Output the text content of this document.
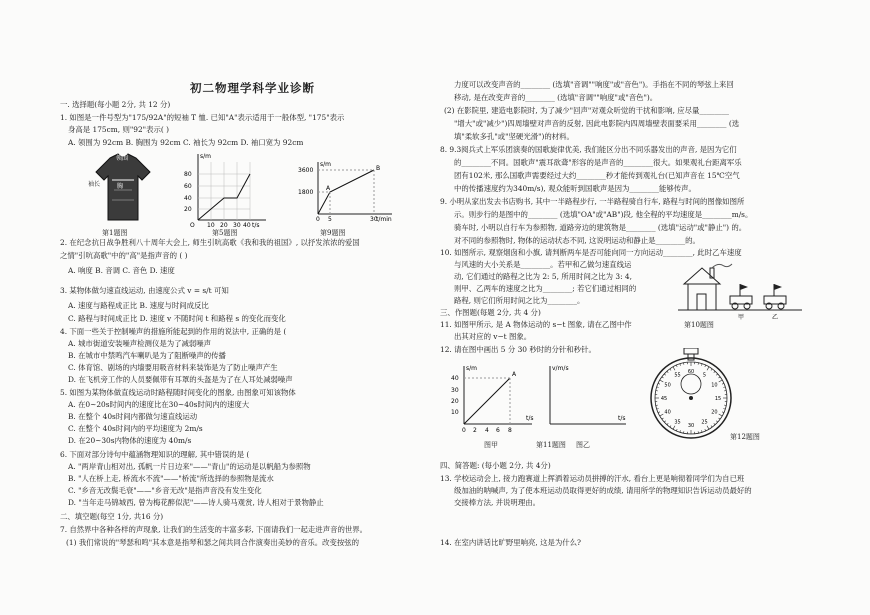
初二物理学科学业诊断
一. 选择题(每小题 2分, 共 12 分)
1. 如图是一件号型为"175/92A"的短袖 T 恤. 已知"A"表示适用于一般体型, "175"表示
身高是 175cm, 则"92"表示( )
A. 领围为 92cm B. 胸围为 92cm C. 袖长为 92cm D. 袖口宽为 92cm
2. 在纪念抗日战争胜利八十周年大会上, 师生引吭高歌《我和我的祖国》, 以抒发浓浓的爱国
之情"引吭高歌"中的"高"是指声音的 ( )
A. 响度 B. 音调 C. 音色 D. 速度
3. 某物体做匀速直线运动, 由速度公式 v = s/t 可知
A. 速度与路程成正比 B. 速度与时间成反比
C. 路程与时间成正比 D. 速度 v 不随时间 t 和路程 s 的变化而变化
4. 下面一些关于控制噪声的措施所能起到的作用的说法中, 正确的是 (
A. 城市街道安装噪声检测仪是为了减弱噪声
B. 在城市中禁鸣汽车喇叭是为了阻断噪声的传播
C. 体育馆、剧场的内墙要用吸音材料来装饰是为了防止噪声产生
D. 在飞机旁工作的人员要佩带有耳罩的头盔是为了在人耳处减弱噪声
5. 如图为某物体做直线运动时路程随时间变化的图象, 由图象可知该物体
A. 在0~20s时间内的速度比在30~40s时间内的速度大
B. 在整个 40s时间内都做匀速直线运动
C. 在整个 40s时间内的平均速度为 2m/s
D. 在20~30s内物体的速度为 40m/s
6. 下面对部分诗句中蕴涵物理知识的理解, 其中错误的是 (
A. "两岸青山相对出, 孤帆一片日边来"——"青山"的运动是以帆船为参照物
B. "人在桥上走, 桥流水不流"——"桥流"所选择的参照物是流水
C. "乡音无改鬓毛衰"——"乡音无改"是指声音没有发生变化
D. "当年走马锦城西, 曾为梅花醉似泥"——诗人骑马观赏, 诗人相对于景物静止
二、填空题(每空 1分, 共16 分)
7. 自然界中各种各样的声现象, 让我们的生活变的丰富多彩, 下面请我们一起走进声音的世界。
(1) 我们常说的"琴瑟和鸣"其本意是指琴和瑟之间共同合作演奏出美妙的音乐。改变按弦的
力度可以改变声音的________ (选填"音调""响度"或"音色")。手指在不同的琴弦上来回
移动, 是在改变声音的________ (选填"音调""响度"或"音色")。
(2) 在影院里, 建造电影院时, 为了减少"回声"对观众听觉的干扰和影响, 应尽量________
"增大"或"减少")四周墙壁对声音的反射, 因此电影院内四周墙壁表面要采用________ (选
填"柔软多孔"或"坚硬光滑")的材料。
8. 9.3阅兵式上军乐团演奏的国歌旋律优美, 我们能区分出不同乐器发出的声音, 是因为它们
的________不同。国歌声"震耳欲聋"形容的是声音的________很大。如果观礼台距离军乐
团有102米, 那么国歌声需要经过大约________秒才能传到观礼台(已知声音在 15℃空气
中的传播速度约为340m/s), 观众能听到国歌声是因为________能够传声。
9. 小明从家出发去书店购书, 其中一半路程步行, 一半路程骑自行车, 路程与时间的图像如图所
示。则步行的是图中的________ (选填"OA"或"AB")段, 他全程的平均速度是________m/s。
骑车时, 小明以自行车为参照物, 道路旁边的建筑物是________ (选填"运动"或"静止") 的。
对不同的参照物时, 物体的运动状态不同, 这说明运动和静止是________的。
10. 如图所示, 观察烟囱和小旗, 请判断两车是否可能向同一方向运动________, 此时乙车速度
与风速的大小关系是________。若甲和乙做匀速直线运
动, 它们通过的路程之比为 2: 5, 所用时间之比为 3: 4,
则甲、乙两车的速度之比为________; 若它们通过相同的
路程, 则它们所用时间之比为________。
三、作图题(每题 2分, 共 4 分)
11. 如图甲所示, 是 A 物体运动的 s−t 图象, 请在乙图中作
出其对应的 v−t 图象。
12. 请在图中画出 5 分 30 秒时的分针和秒针。
四、简答题: (每小题 2分, 共 4分)
13. 学校运动会上, 接力跑赛道上挥洒着运动员拼搏的汗水, 看台上更是响彻着同学们为自已班
级加油的呐喊声, 为了使本班运动员取得更好的成绩, 请用所学的物理知识告诉运动员最好的
交接棒方法, 并说明理由。
14. 在室内讲话比旷野里响亮, 这是为什么?
领围
袖长	胸
第1题图
s/m
t/s
80
60
40
20
O 10 20 30 40
第5题图
s/m
t/min
3600
1800
0 5	30
A
B
第9题图
甲	乙
第10题图
s/m
t/s
40
30
20
10
0 2 4 6 8
A
图甲
v/m/s
t/s
第11题图 图乙
60
5
10
15
20
25
30
35
40
45
50
55
第12题图
